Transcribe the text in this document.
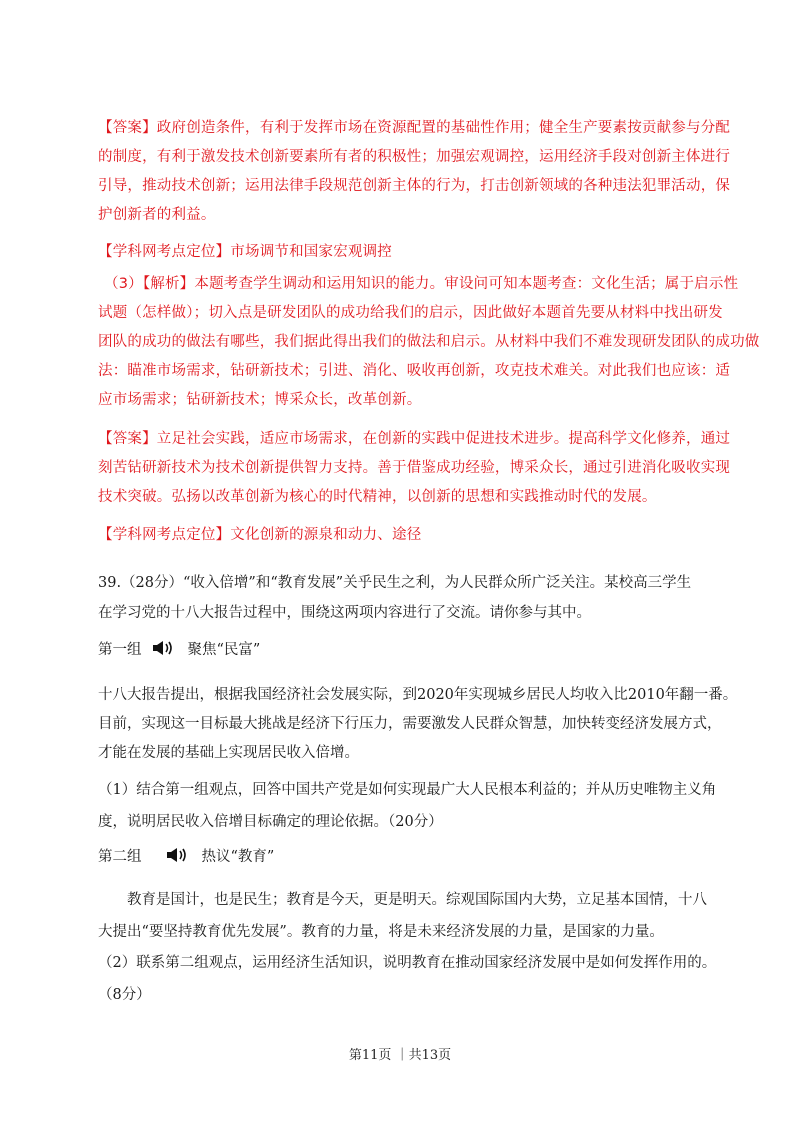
【答案】政府创造条件，有利于发挥市场在资源配置的基础性作用；健全生产要素按贡献参与分配
的制度，有利于激发技术创新要素所有者的积极性；加强宏观调控，运用经济手段对创新主体进行
引导，推动技术创新；运用法律手段规范创新主体的行为，打击创新领域的各种违法犯罪活动，保
护创新者的利益。
【学科网考点定位】市场调节和国家宏观调控
（3）【解析】本题考查学生调动和运用知识的能力。审设问可知本题考查：文化生活；属于启示性
试题（怎样做）；切入点是研发团队的成功给我们的启示，因此做好本题首先要从材料中找出研发
团队的成功的做法有哪些，我们据此得出我们的做法和启示。从材料中我们不难发现研发团队的成功做
法：瞄准市场需求，钻研新技术；引进、消化、吸收再创新，攻克技术难关。对此我们也应该：适
应市场需求；钻研新技术；博采众长，改革创新。
【答案】立足社会实践，适应市场需求，在创新的实践中促进技术进步。提高科学文化修养，通过
刻苦钻研新技术为技术创新提供智力支持。善于借鉴成功经验，博采众长，通过引进消化吸收实现
技术突破。弘扬以改革创新为核心的时代精神，以创新的思想和实践推动时代的发展。
【学科网考点定位】文化创新的源泉和动力、途径
39.（28分）“收入倍增”和“教育发展”关乎民生之利，为人民群众所广泛关注。某校高三学生
在学习党的十八大报告过程中，围绕这两项内容进行了交流。请你参与其中。
第一组	聚焦“民富”
十八大报告提出，根据我国经济社会发展实际，到2020年实现城乡居民人均收入比2010年翻一番。
目前，实现这一目标最大挑战是经济下行压力，需要激发人民群众智慧，加快转变经济发展方式，
才能在发展的基础上实现居民收入倍增。
（1）结合第一组观点，回答中国共产党是如何实现最广大人民根本利益的；并从历史唯物主义角
度，说明居民收入倍增目标确定的理论依据。（20分）
第二组	热议“教育”
　　教育是国计，也是民生；教育是今天，更是明天。综观国际国内大势，立足基本国情，十八
大提出“要坚持教育优先发展”。教育的力量，将是未来经济发展的力量，是国家的力量。
（2）联系第二组观点，运用经济生活知识，说明教育在推动国家经济发展中是如何发挥作用的。
（8分）
第11页 ｜共13页
